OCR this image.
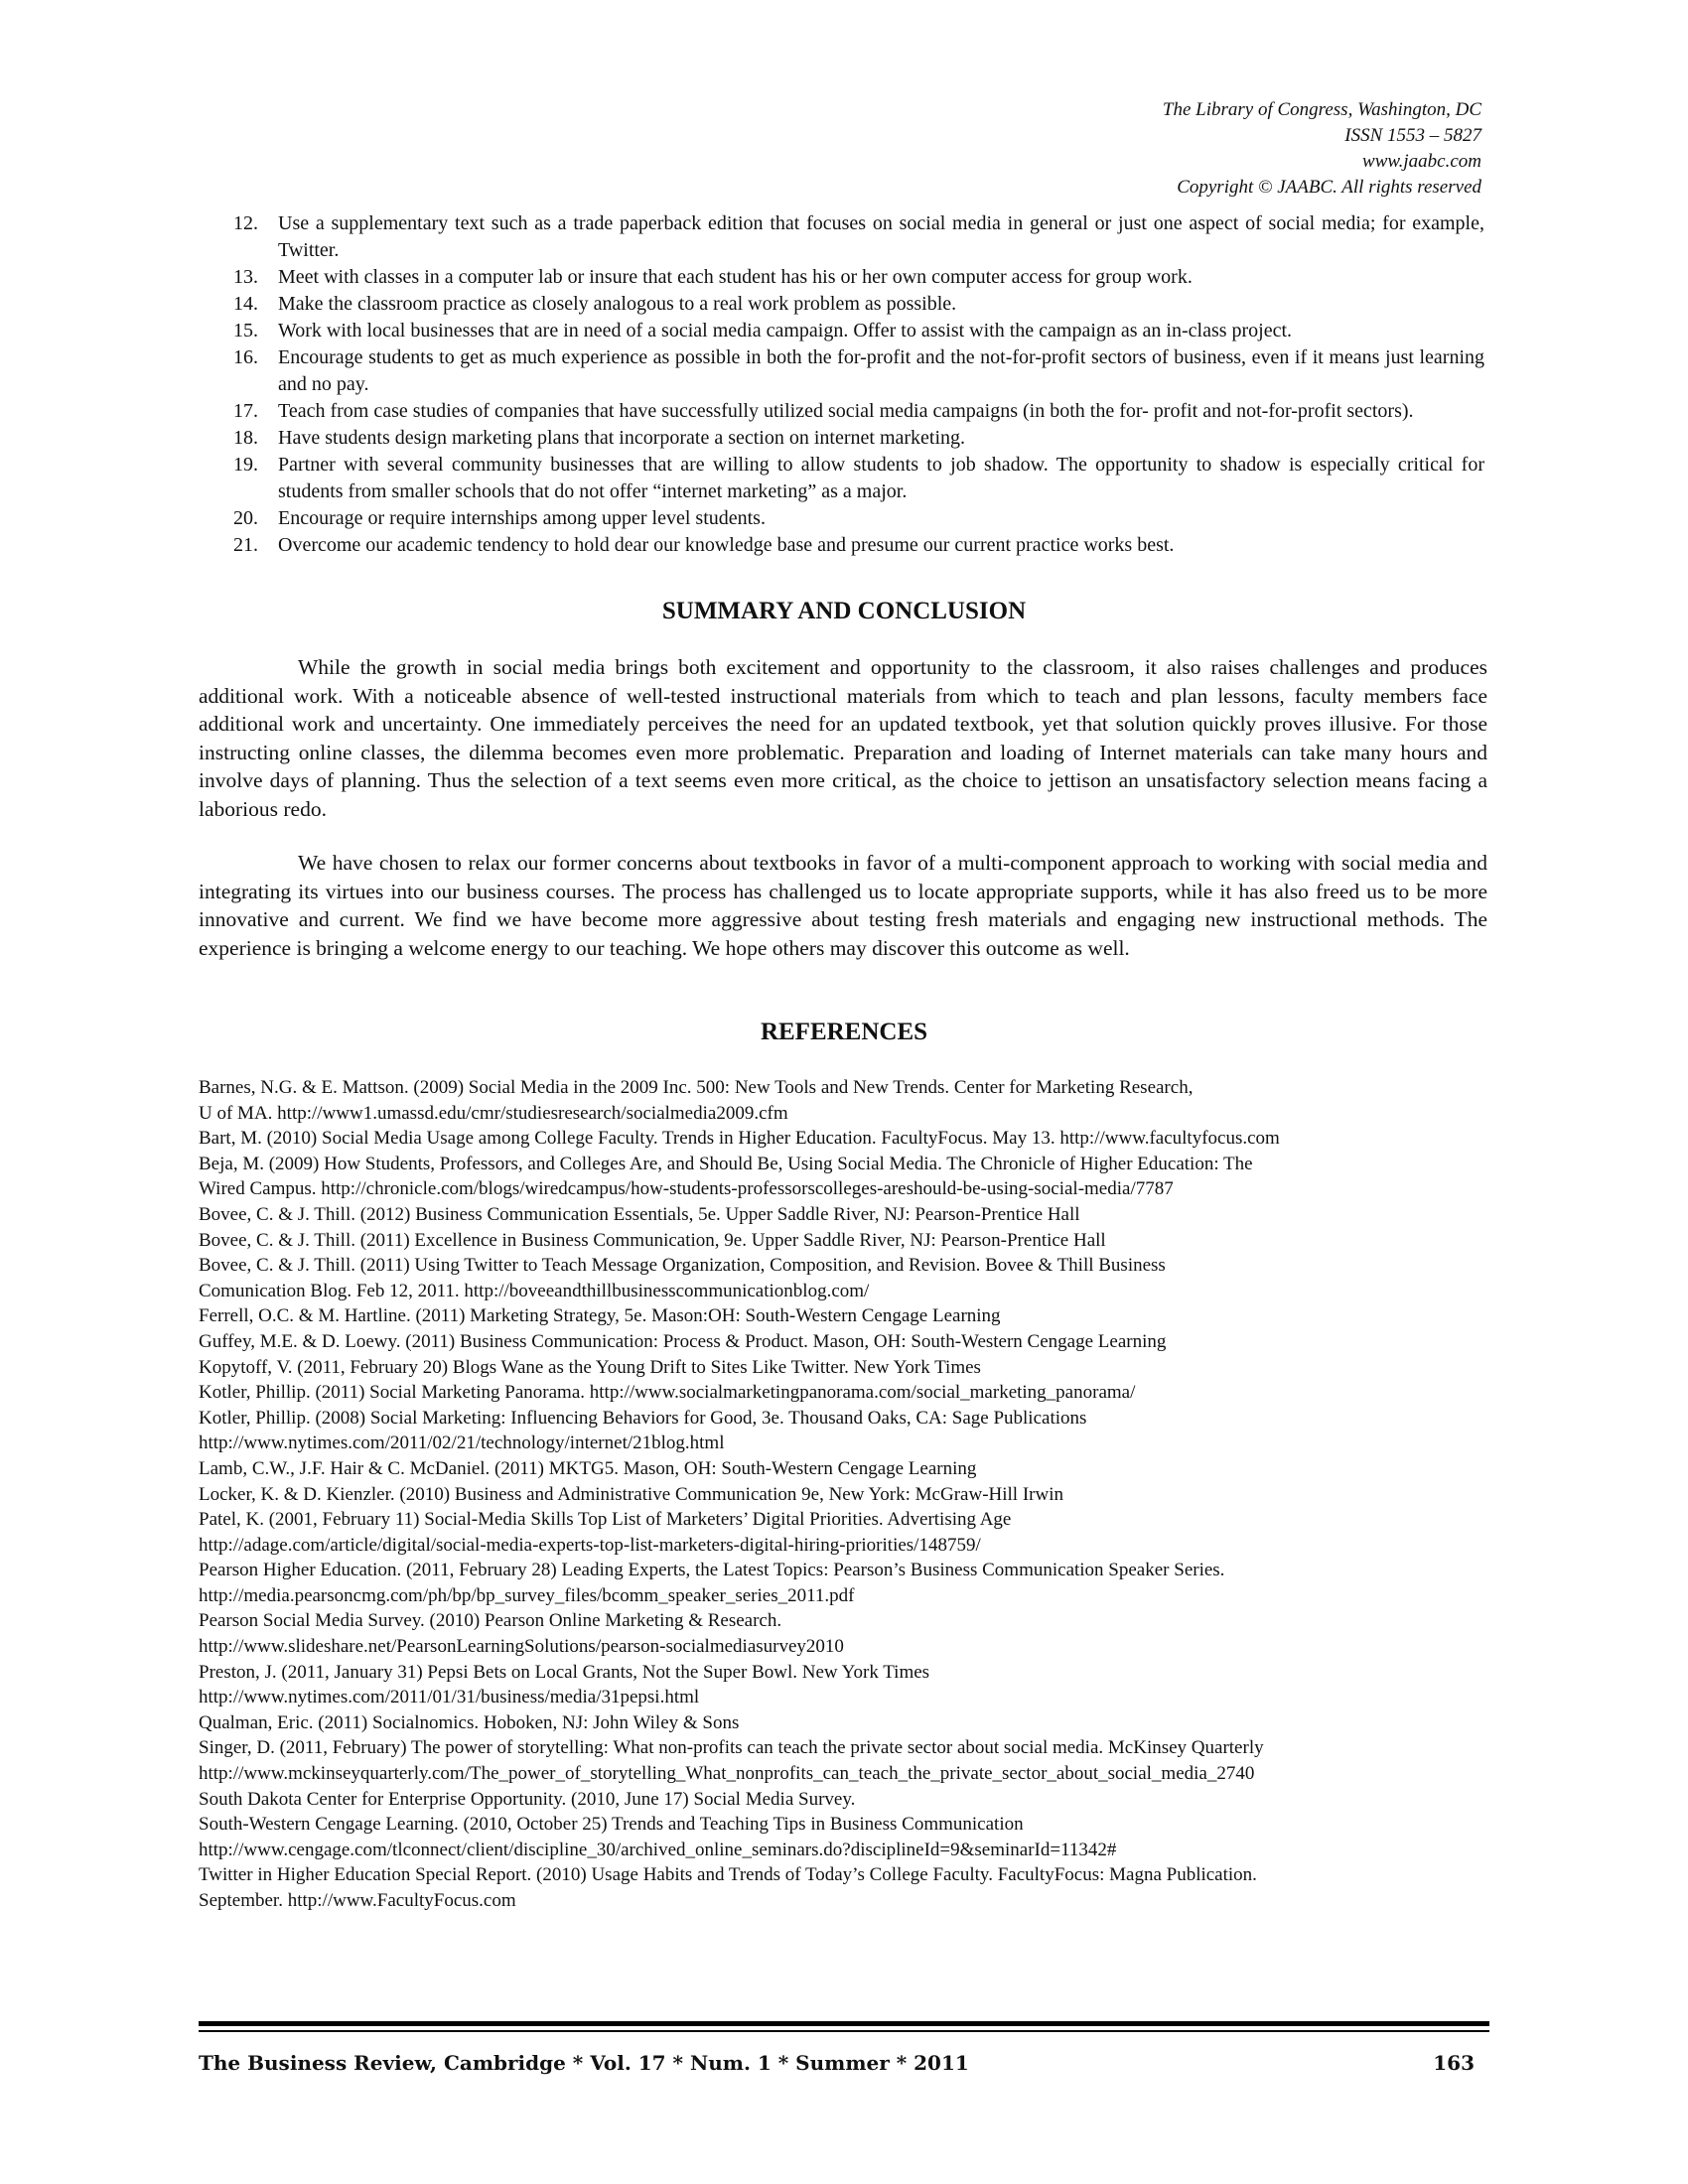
The Library of Congress, Washington, DC
ISSN 1553 – 5827
www.jaabc.com
Copyright © JAABC. All rights reserved
12.	Use a supplementary text such as a trade paperback edition that focuses on social media in general or just one aspect of social media; for example, Twitter.
13.	Meet with classes in a computer lab or insure that each student has his or her own computer access for group work.
14.	Make the classroom practice as closely analogous to a real work problem as possible.
15.	Work with local businesses that are in need of a social media campaign. Offer to assist with the campaign as an in-class project.
16.	Encourage students to get as much experience as possible in both the for-profit and the not-for-profit sectors of business, even if it means just learning and no pay.
17.	Teach from case studies of companies that have successfully utilized social media campaigns (in both the for- profit and not-for-profit sectors).
18.	Have students design marketing plans that incorporate a section on internet marketing.
19.	Partner with several community businesses that are willing to allow students to job shadow. The opportunity to shadow is especially critical for students from smaller schools that do not offer “internet marketing” as a major.
20.	Encourage or require internships among upper level students.
21.	Overcome our academic tendency to hold dear our knowledge base and presume our current practice works best.
SUMMARY AND CONCLUSION

While the growth in social media brings both excitement and opportunity to the classroom, it also raises challenges and produces additional work. With a noticeable absence of well-tested instructional materials from which to teach and plan lessons, faculty members face additional work and uncertainty. One immediately perceives the need for an updated textbook, yet that solution quickly proves illusive. For those instructing online classes, the dilemma becomes even more problematic. Preparation and loading of Internet materials can take many hours and involve days of planning. Thus the selection of a text seems even more critical, as the choice to jettison an unsatisfactory selection means facing a laborious redo.

We have chosen to relax our former concerns about textbooks in favor of a multi-component approach to working with social media and integrating its virtues into our business courses. The process has challenged us to locate appropriate supports, while it has also freed us to be more innovative and current. We find we have become more aggressive about testing fresh materials and engaging new instructional methods. The experience is bringing a welcome energy to our teaching. We hope others may discover this outcome as well.

REFERENCES
Barnes, N.G. & E. Mattson. (2009) Social Media in the 2009 Inc. 500: New Tools and New Trends. Center for Marketing Research,
U of MA. http://www1.umassd.edu/cmr/studiesresearch/socialmedia2009.cfm
Bart, M. (2010) Social Media Usage among College Faculty. Trends in Higher Education. FacultyFocus. May 13. http://www.facultyfocus.com
Beja, M. (2009) How Students, Professors, and Colleges Are, and Should Be, Using Social Media. The Chronicle of Higher Education: The
Wired Campus. http://chronicle.com/blogs/wiredcampus/how-students-professorscolleges-areshould-be-using-social-media/7787
Bovee, C. & J. Thill. (2012) Business Communication Essentials, 5e. Upper Saddle River, NJ: Pearson-Prentice Hall
Bovee, C. & J. Thill. (2011) Excellence in Business Communication, 9e. Upper Saddle River, NJ: Pearson-Prentice Hall
Bovee, C. & J. Thill. (2011) Using Twitter to Teach Message Organization, Composition, and Revision. Bovee & Thill Business
Comunication Blog. Feb 12, 2011. http://boveeandthillbusinesscommunicationblog.com/
Ferrell, O.C. & M. Hartline. (2011) Marketing Strategy, 5e. Mason:OH: South-Western Cengage Learning
Guffey, M.E. & D. Loewy. (2011) Business Communication: Process & Product. Mason, OH: South-Western Cengage Learning
Kopytoff, V. (2011, February 20) Blogs Wane as the Young Drift to Sites Like Twitter. New York Times
Kotler, Phillip. (2011) Social Marketing Panorama. http://www.socialmarketingpanorama.com/social_marketing_panorama/
Kotler, Phillip. (2008) Social Marketing: Influencing Behaviors for Good, 3e. Thousand Oaks, CA: Sage Publications
http://www.nytimes.com/2011/02/21/technology/internet/21blog.html
Lamb, C.W., J.F. Hair & C. McDaniel. (2011) MKTG5. Mason, OH: South-Western Cengage Learning
Locker, K. & D. Kienzler. (2010) Business and Administrative Communication 9e, New York: McGraw-Hill Irwin
Patel, K. (2001, February 11) Social-Media Skills Top List of Marketers’ Digital Priorities. Advertising Age
http://adage.com/article/digital/social-media-experts-top-list-marketers-digital-hiring-priorities/148759/
Pearson Higher Education. (2011, February 28) Leading Experts, the Latest Topics: Pearson’s Business Communication Speaker Series.
http://media.pearsoncmg.com/ph/bp/bp_survey_files/bcomm_speaker_series_2011.pdf
Pearson Social Media Survey. (2010) Pearson Online Marketing & Research.
http://www.slideshare.net/PearsonLearningSolutions/pearson-socialmediasurvey2010
Preston, J. (2011, January 31) Pepsi Bets on Local Grants, Not the Super Bowl. New York Times
http://www.nytimes.com/2011/01/31/business/media/31pepsi.html
Qualman, Eric. (2011) Socialnomics. Hoboken, NJ: John Wiley & Sons
Singer, D. (2011, February) The power of storytelling: What non-profits can teach the private sector about social media. McKinsey Quarterly
http://www.mckinseyquarterly.com/The_power_of_storytelling_What_nonprofits_can_teach_the_private_sector_about_social_media_2740
South Dakota Center for Enterprise Opportunity. (2010, June 17) Social Media Survey.
South-Western Cengage Learning. (2010, October 25) Trends and Teaching Tips in Business Communication
http://www.cengage.com/tlconnect/client/discipline_30/archived_online_seminars.do?disciplineId=9&seminarId=11342#
Twitter in Higher Education Special Report. (2010) Usage Habits and Trends of Today’s College Faculty. FacultyFocus: Magna Publication.
September. http://www.FacultyFocus.com
The Business Review, Cambridge * Vol. 17 * Num. 1 * Summer * 2011	163
